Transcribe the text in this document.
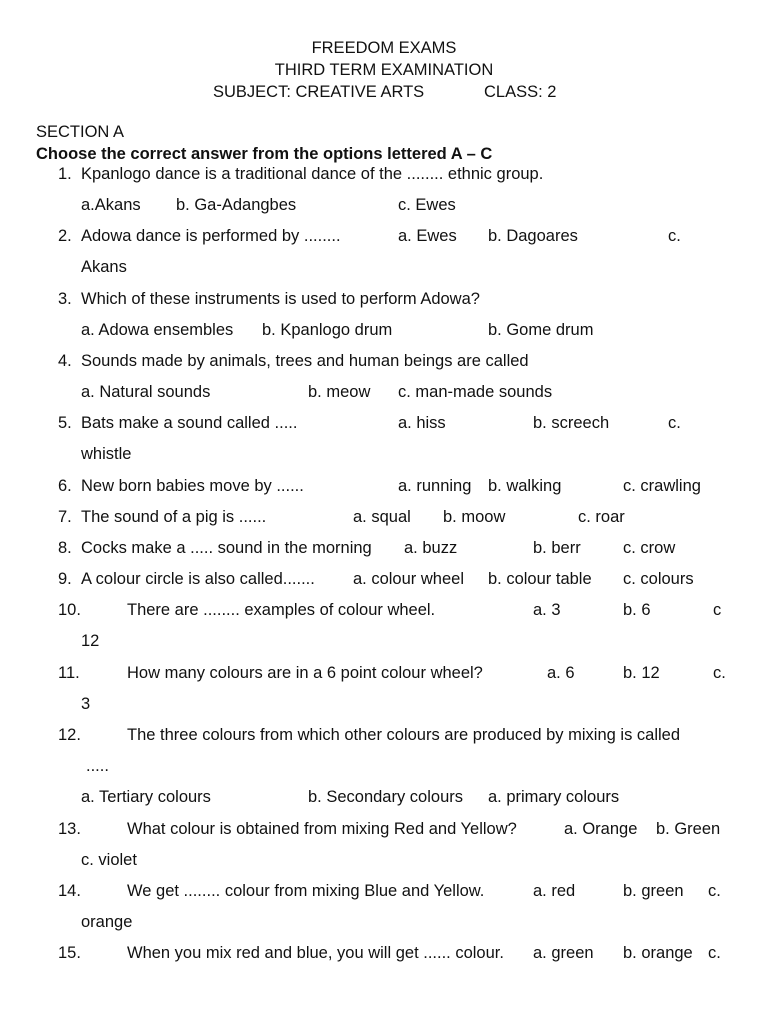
FREEDOM EXAMS
THIRD TERM EXAMINATION
SUBJECT: CREATIVE ARTS	CLASS: 2
SECTION A
Choose the correct answer from the options lettered A – C
1. Kpanlogo dance is a traditional dance of the ........ ethnic group.
a.Akans b. Ga-Adangbes	c. Ewes
2. Adowa dance is performed by ........	a. Ewes b. Dagoares	c.
Akans
3. Which of these instruments is used to perform Adowa?
a. Adowa ensembles b. Kpanlogo drum	b. Gome drum
4. Sounds made by animals, trees and human beings are called
a. Natural sounds	b. meow c. man-made sounds
5. Bats make a sound called .....	a. hiss	b. screech	c.
whistle
6. New born babies move by ......	a. running b. walking	c. crawling
7. The sound of a pig is ......	a. squal b. moow	c. roar
8. Cocks make a ..... sound in the morning a. buzz	b. berr	c. crow
9. A colour circle is also called....... a. colour wheel b. colour table c. colours
10.	There are ........ examples of colour wheel.	a. 3	b. 6	c
12
11.	How many colours are in a 6 point colour wheel?	a. 6	b. 12	c.
3
12.	The three colours from which other colours are produced by mixing is called
.....
a. Tertiary colours	b. Secondary colours a. primary colours
13.	What colour is obtained from mixing Red and Yellow?	a. Orange b. Green
c. violet
14.	We get ........ colour from mixing Blue and Yellow.	a. red	b. green c.
orange
15.	When you mix red and blue, you will get ...... colour. a. green b. orange c.
